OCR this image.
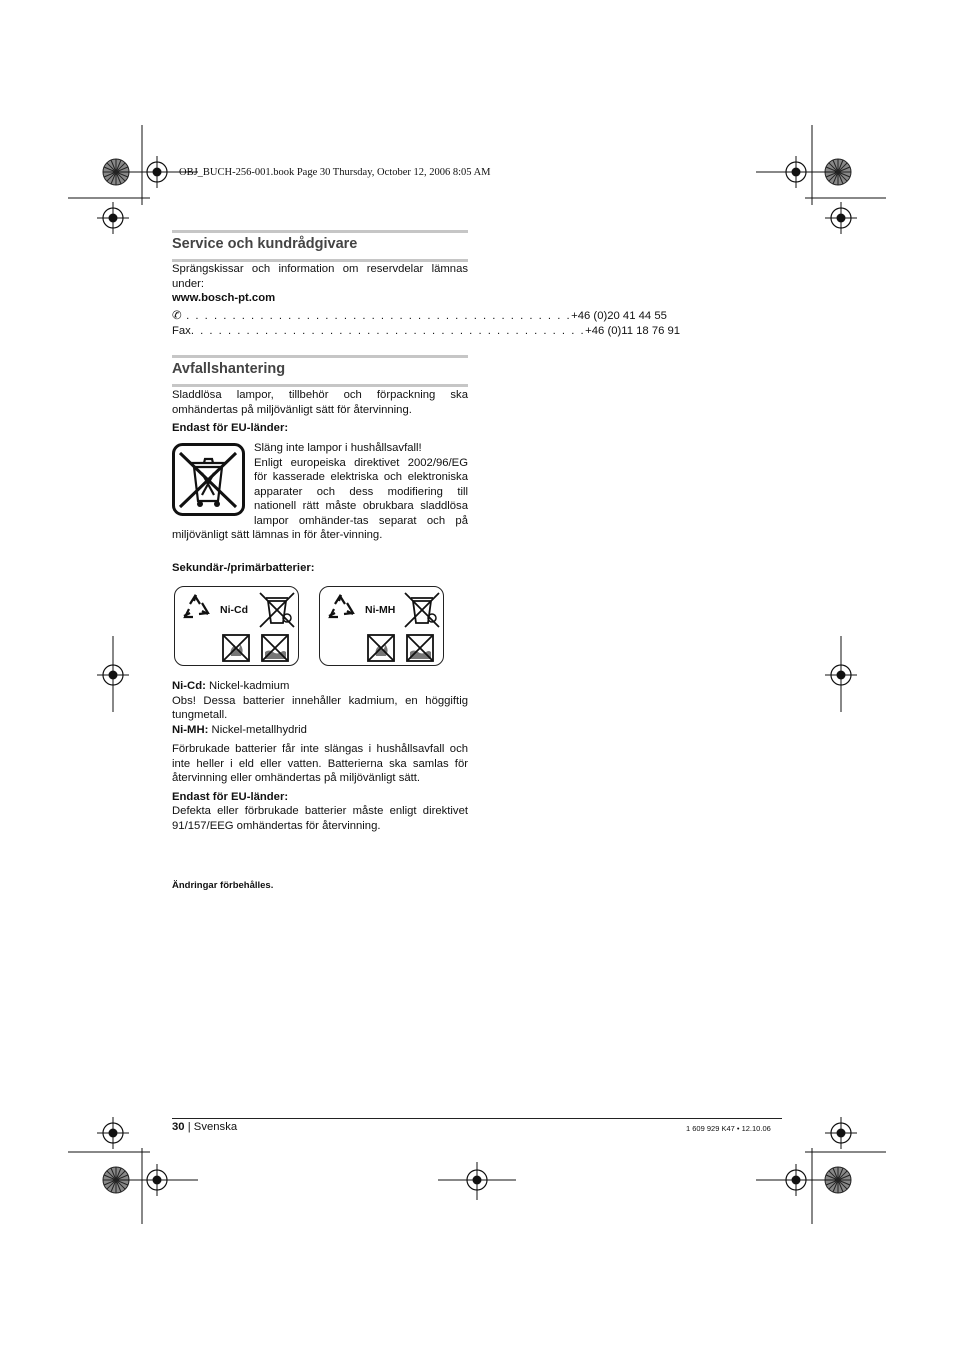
OBJ_BUCH-256-001.book Page 30 Thursday, October 12, 2006 8:05 AM
Service och kundrådgivare
Sprängskissar och information om reservdelar lämnas under:
www.bosch-pt.com
✆ . . . . . . . . . . . . . . . . . . . . . . . . . . . . . . . . . . . . . . . . . . +46 (0)20 41 44 55
Fax . . . . . . . . . . . . . . . . . . . . . . . . . . . . . . . . . . . . . . . . . . . +46 (0)11 18 76 91
Avfallshantering
Sladdlösa lampor, tillbehör och förpackning ska omhändertas på miljövänligt sätt för återvinning.
Endast för EU-länder:
Släng inte lampor i hushållsavfall!
Enligt europeiska direktivet 2002/96/EG för kasserade elektriska och elektroniska apparater och dess modifiering till nationell rätt måste obrukbara sladdlösa lampor omhänder-tas separat och på miljövänligt sätt lämnas in för åter-vinning.
Sekundär-/primärbatterier:
Ni-Cd	Ni-MH
Ni-Cd: Nickel-kadmium
Obs! Dessa batterier innehåller kadmium, en höggiftig tungmetall.
Ni-MH: Nickel-metallhydrid
Förbrukade batterier får inte slängas i hushållsavfall och inte heller i eld eller vatten. Batterierna ska samlas för återvinning eller omhändertas på miljövänligt sätt.
Endast för EU-länder:
Defekta eller förbrukade batterier måste enligt direktivet 91/157/EEG omhändertas för återvinning.
Ändringar förbehålles.
30 | Svenska	1 609 929 K47 • 12.10.06
